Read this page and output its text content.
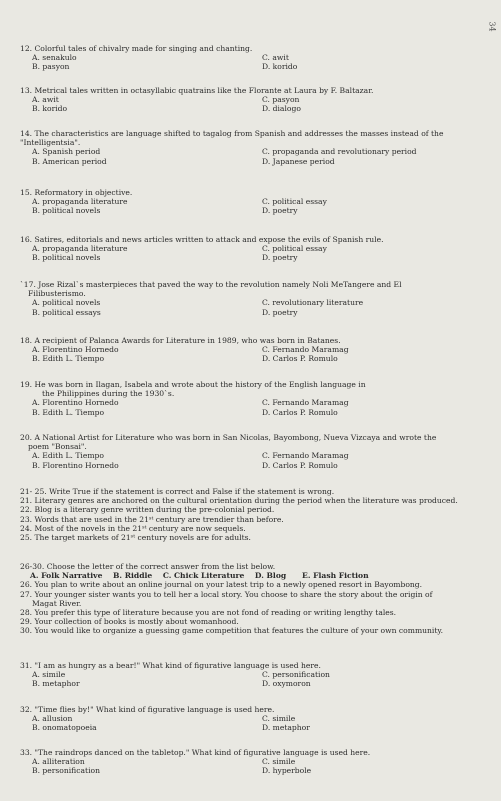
34
12. Colorful tales of chivalry made for singing and chanting.
A. senakulo	C. awit
B. pasyon	D. korido
13. Metrical tales written in octasyllabic quatrains like the Florante at Laura by F. Baltazar.
A. awit	C. pasyon
B. korido	D. dialogo
14. The characteristics are language shifted to tagalog from Spanish and addresses the masses instead of the
"Intelligentsia".
A. Spanish period	C. propaganda and revolutionary period
B. American period	D. Japanese period
15. Reformatory in objective.
A. propaganda literature	C. political essay
B. political novels	D. poetry
16. Satires, editorials and news articles written to attack and expose the evils of Spanish rule.
A. propaganda literature	C. political essay
B. political novels	D. poetry
`17. Jose Rizal`s masterpieces that paved the way to the revolution namely Noli MeTangere and El
Filibusterismo.
A. political novels	C. revolutionary literature
B. political essays	D. poetry
18. A recipient of Palanca Awards for Literature in 1989, who was born in Batanes.
A. Florentino Hornedo	C. Fernando Maramag
B. Edith L. Tiempo	D. Carlos P. Romulo
19. He was born in Ilagan, Isabela and wrote about the history of the English language in
the Philippines during the 1930`s.
A. Florentino Hornedo	C. Fernando Maramag
B. Edith L. Tiempo	D. Carlos P. Romulo
20. A National Artist for Literature who was born in San Nicolas, Bayombong, Nueva Vizcaya and wrote the
poem "Bonsai".
A. Edith L. Tiempo	C. Fernando Maramag
B. Florentino Hornedo	D. Carlos P. Romulo
21- 25. Write True if the statement is correct and False if the statement is wrong.
21. Literary genres are anchored on the cultural orientation during the period when the literature was produced.
22. Blog is a literary genre written during the pre-colonial period.
23. Words that are used in the 21ˢᵗ century are trendier than before.
24. Most of the novels in the 21ˢᵗ century are now sequels.
25. The target markets of 21ˢᵗ century novels are for adults.
26-30. Choose the letter of the correct answer from the list below.
A. Folk Narrative    B. Riddle    C. Chick Literature    D. Blog      E. Flash Fiction
26. You plan to write about an online journal on your latest trip to a newly opened resort in Bayombong.
27. Your younger sister wants you to tell her a local story. You choose to share the story about the origin of
Magat River.
28. You prefer this type of literature because you are not fond of reading or writing lengthy tales.
29. Your collection of books is mostly about womanhood.
30. You would like to organize a guessing game competition that features the culture of your own community.
31. "I am as hungry as a bear!" What kind of figurative language is used here.
A. simile	C. personification
B. metaphor	D. oxymoron
32. "Time flies by!" What kind of figurative language is used here.
A. allusion	C. simile
B. onomatopoeia	D. metaphor
33. "The raindrops danced on the tabletop." What kind of figurative language is used here.
A. alliteration	C. simile
B. personification	D. hyperbole
